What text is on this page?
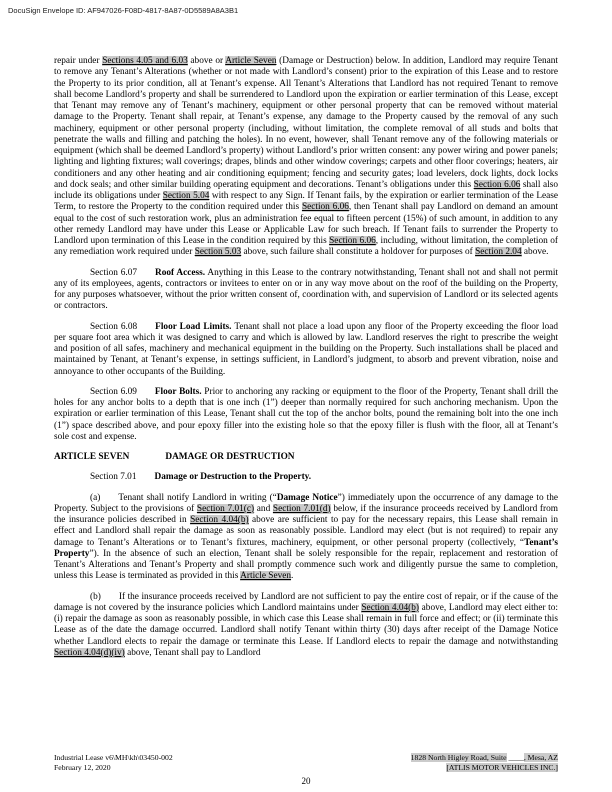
DocuSign Envelope ID: AF947026-F08D-4817-8A87-0D5589A8A3B1
repair under Sections 4.05 and 6.03 above or Article Seven (Damage or Destruction) below. In addition, Landlord may require Tenant to remove any Tenant’s Alterations (whether or not made with Landlord’s consent) prior to the expiration of this Lease and to restore the Property to its prior condition, all at Tenant’s expense. All Tenant’s Alterations that Landlord has not required Tenant to remove shall become Landlord’s property and shall be surrendered to Landlord upon the expiration or earlier termination of this Lease, except that Tenant may remove any of Tenant’s machinery, equipment or other personal property that can be removed without material damage to the Property. Tenant shall repair, at Tenant’s expense, any damage to the Property caused by the removal of any such machinery, equipment or other personal property (including, without limitation, the complete removal of all studs and bolts that penetrate the walls and filling and patching the holes). In no event, however, shall Tenant remove any of the following materials or equipment (which shall be deemed Landlord’s property) without Landlord’s prior written consent: any power wiring and power panels; lighting and lighting fixtures; wall coverings; drapes, blinds and other window coverings; carpets and other floor coverings; heaters, air conditioners and any other heating and air conditioning equipment; fencing and security gates; load levelers, dock lights, dock locks and dock seals; and other similar building operating equipment and decorations. Tenant’s obligations under this Section 6.06 shall also include its obligations under Section 5.04 with respect to any Sign. If Tenant fails, by the expiration or earlier termination of the Lease Term, to restore the Property to the condition required under this Section 6.06, then Tenant shall pay Landlord on demand an amount equal to the cost of such restoration work, plus an administration fee equal to fifteen percent (15%) of such amount, in addition to any other remedy Landlord may have under this Lease or Applicable Law for such breach. If Tenant fails to surrender the Property to Landlord upon termination of this Lease in the condition required by this Section 6.06, including, without limitation, the completion of any remediation work required under Section 5.03 above, such failure shall constitute a holdover for purposes of Section 2.04 above.
Section 6.07 Roof Access. Anything in this Lease to the contrary notwithstanding, Tenant shall not and shall not permit any of its employees, agents, contractors or invitees to enter on or in any way move about on the roof of the building on the Property, for any purposes whatsoever, without the prior written consent of, coordination with, and supervision of Landlord or its selected agents or contractors.
Section 6.08 Floor Load Limits. Tenant shall not place a load upon any floor of the Property exceeding the floor load per square foot area which it was designed to carry and which is allowed by law. Landlord reserves the right to prescribe the weight and position of all safes, machinery and mechanical equipment in the building on the Property. Such installations shall be placed and maintained by Tenant, at Tenant’s expense, in settings sufficient, in Landlord’s judgment, to absorb and prevent vibration, noise and annoyance to other occupants of the Building.
Section 6.09 Floor Bolts. Prior to anchoring any racking or equipment to the floor of the Property, Tenant shall drill the holes for any anchor bolts to a depth that is one inch (1”) deeper than normally required for such anchoring mechanism. Upon the expiration or earlier termination of this Lease, Tenant shall cut the top of the anchor bolts, pound the remaining bolt into the one inch (1”) space described above, and pour epoxy filler into the existing hole so that the epoxy filler is flush with the floor, all at Tenant’s sole cost and expense.
ARTICLE SEVEN	DAMAGE OR DESTRUCTION
Section 7.01 Damage or Destruction to the Property.
(a) Tenant shall notify Landlord in writing (“Damage Notice”) immediately upon the occurrence of any damage to the Property. Subject to the provisions of Section 7.01(c) and Section 7.01(d) below, if the insurance proceeds received by Landlord from the insurance policies described in Section 4.04(b) above are sufficient to pay for the necessary repairs, this Lease shall remain in effect and Landlord shall repair the damage as soon as reasonably possible. Landlord may elect (but is not required) to repair any damage to Tenant’s Alterations or to Tenant’s fixtures, machinery, equipment, or other personal property (collectively, “Tenant’s Property”). In the absence of such an election, Tenant shall be solely responsible for the repair, replacement and restoration of Tenant’s Alterations and Tenant’s Property and shall promptly commence such work and diligently pursue the same to completion, unless this Lease is terminated as provided in this Article Seven.
(b) If the insurance proceeds received by Landlord are not sufficient to pay the entire cost of repair, or if the cause of the damage is not covered by the insurance policies which Landlord maintains under Section 4.04(b) above, Landlord may elect either to: (i) repair the damage as soon as reasonably possible, in which case this Lease shall remain in full force and effect; or (ii) terminate this Lease as of the date the damage occurred. Landlord shall notify Tenant within thirty (30) days after receipt of the Damage Notice whether Landlord elects to repair the damage or terminate this Lease. If Landlord elects to repair the damage and notwithstanding Section 4.04(d)(iv) above, Tenant shall pay to Landlord
Industrial Lease v6\MH\kh\03450-002
February 12, 2020
1828 North Higley Road, Suite ____, Mesa, AZ
[ATLIS MOTOR VEHICLES INC.]
20
